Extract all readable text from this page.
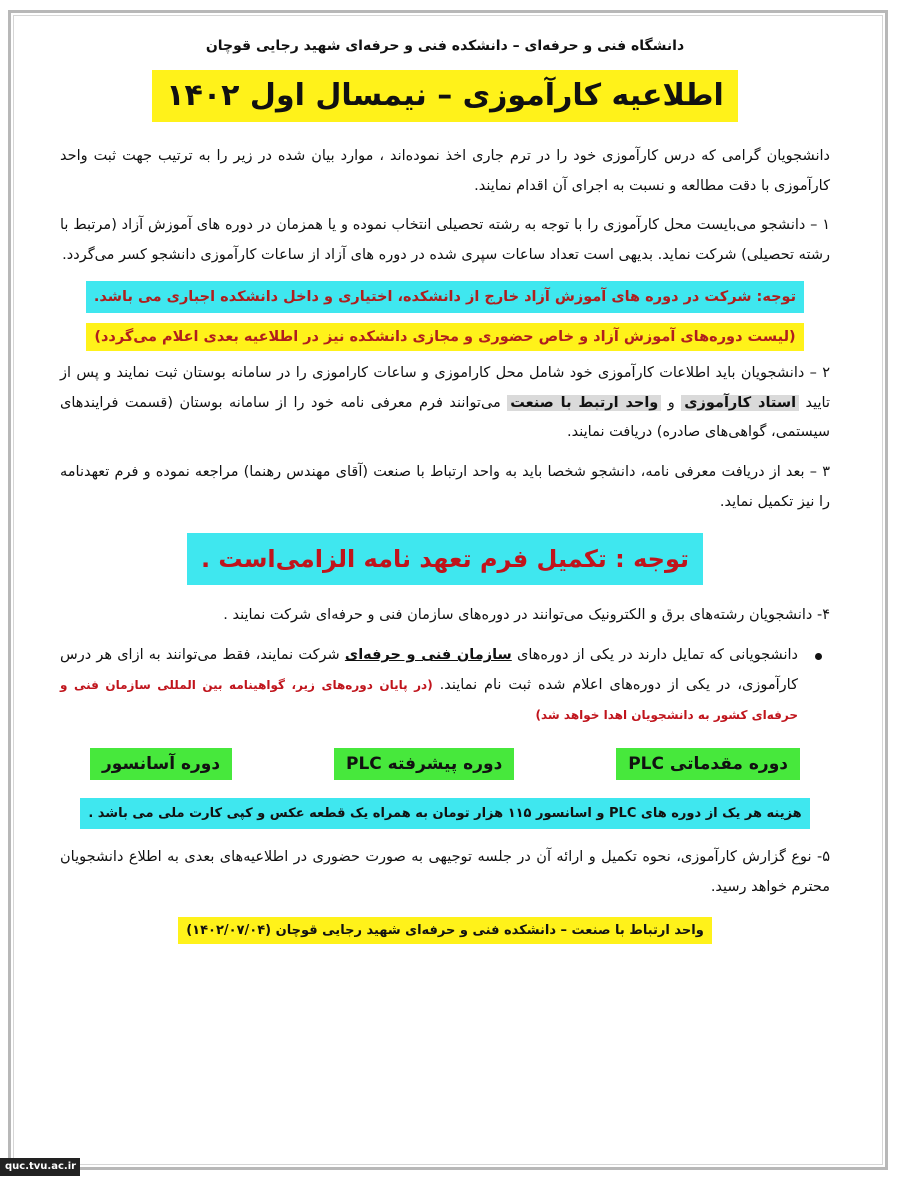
دانشگاه فنی و حرفه‌ای – دانشکده فنی و حرفه‌ای شهید رجایی قوچان
اطلاعیه کارآموزی – نیمسال اول ۱۴۰۲

دانشجویان گرامی که درس کارآموزی خود را در ترم جاری اخذ نموده‌اند ، موارد بیان شده در زیر را به ترتیب جهت ثبت واحد کارآموزی با دقت مطالعه و نسبت به اجرای آن اقدام نمایند.

۱ – دانشجو می‌بایست محل کارآموزی را با توجه به رشته تحصیلی انتخاب نموده و یا همزمان در دوره های آموزش آزاد (مرتبط با رشته تحصیلی) شرکت نماید. بدیهی است تعداد ساعات سپری شده در دوره های آزاد از ساعات کارآموزی دانشجو کسر می‌گردد.

توجه: شرکت در دوره های آموزش آزاد خارج از دانشکده، اختیاری و داخل دانشکده اجباری می باشد.
(لیست دوره‌های آموزش آزاد و خاص حضوری و مجازی دانشکده نیز در اطلاعیه بعدی اعلام می‌گردد)

۲ – دانشجویان باید اطلاعات کارآموزی خود شامل محل کاراموزی و ساعات کاراموزی را در سامانه بوستان ثبت نمایند و پس از تایید استاد کارآموزی و واحد ارتبط با صنعت می‌توانند فرم معرفی نامه خود را از سامانه بوستان (قسمت فرایندهای سیستمی، گواهی‌های صادره) دریافت نمایند.

۳ – بعد از دریافت معرفی نامه، دانشجو شخصا باید به واحد ارتباط با صنعت (آقای مهندس رهنما) مراجعه نموده و فرم تعهدنامه را نیز تکمیل نماید.

توجه : تکمیل فرم تعهد نامه الزامی‌است .

۴- دانشجویان رشته‌های برق و الکترونیک می‌توانند در دوره‌های سازمان فنی و حرفه‌ای شرکت نمایند .

دانشجویانی که تمایل دارند در یکی از دوره‌های سازمان فنی و حرفه‌ای شرکت نمایند، فقط می‌توانند به ازای هر درس کارآموزی، در یکی از دوره‌های اعلام شده ثبت نام نمایند. (در پایان دوره‌های زیر، گواهینامه بین المللی سازمان فنی و حرفه‌ای کشور به دانشجویان اهدا خواهد شد)

دوره مقدماتی PLC
دوره پیشرفته PLC
دوره آسانسور
هزینه هر یک از دوره های PLC و اسانسور ۱۱۵ هزار تومان به همراه یک قطعه عکس و کپی کارت ملی می باشد .

۵- نوع گزارش کارآموزی، نحوه تکمیل و ارائه آن در جلسه توجیهی به صورت حضوری در اطلاعیه‌های بعدی به اطلاع دانشجویان محترم خواهد رسید.

واحد ارتباط با صنعت – دانشکده فنی و حرفه‌ای شهید رجایی قوچان (۱۴۰۲/۰۷/۰۴)
quc.tvu.ac.ir
